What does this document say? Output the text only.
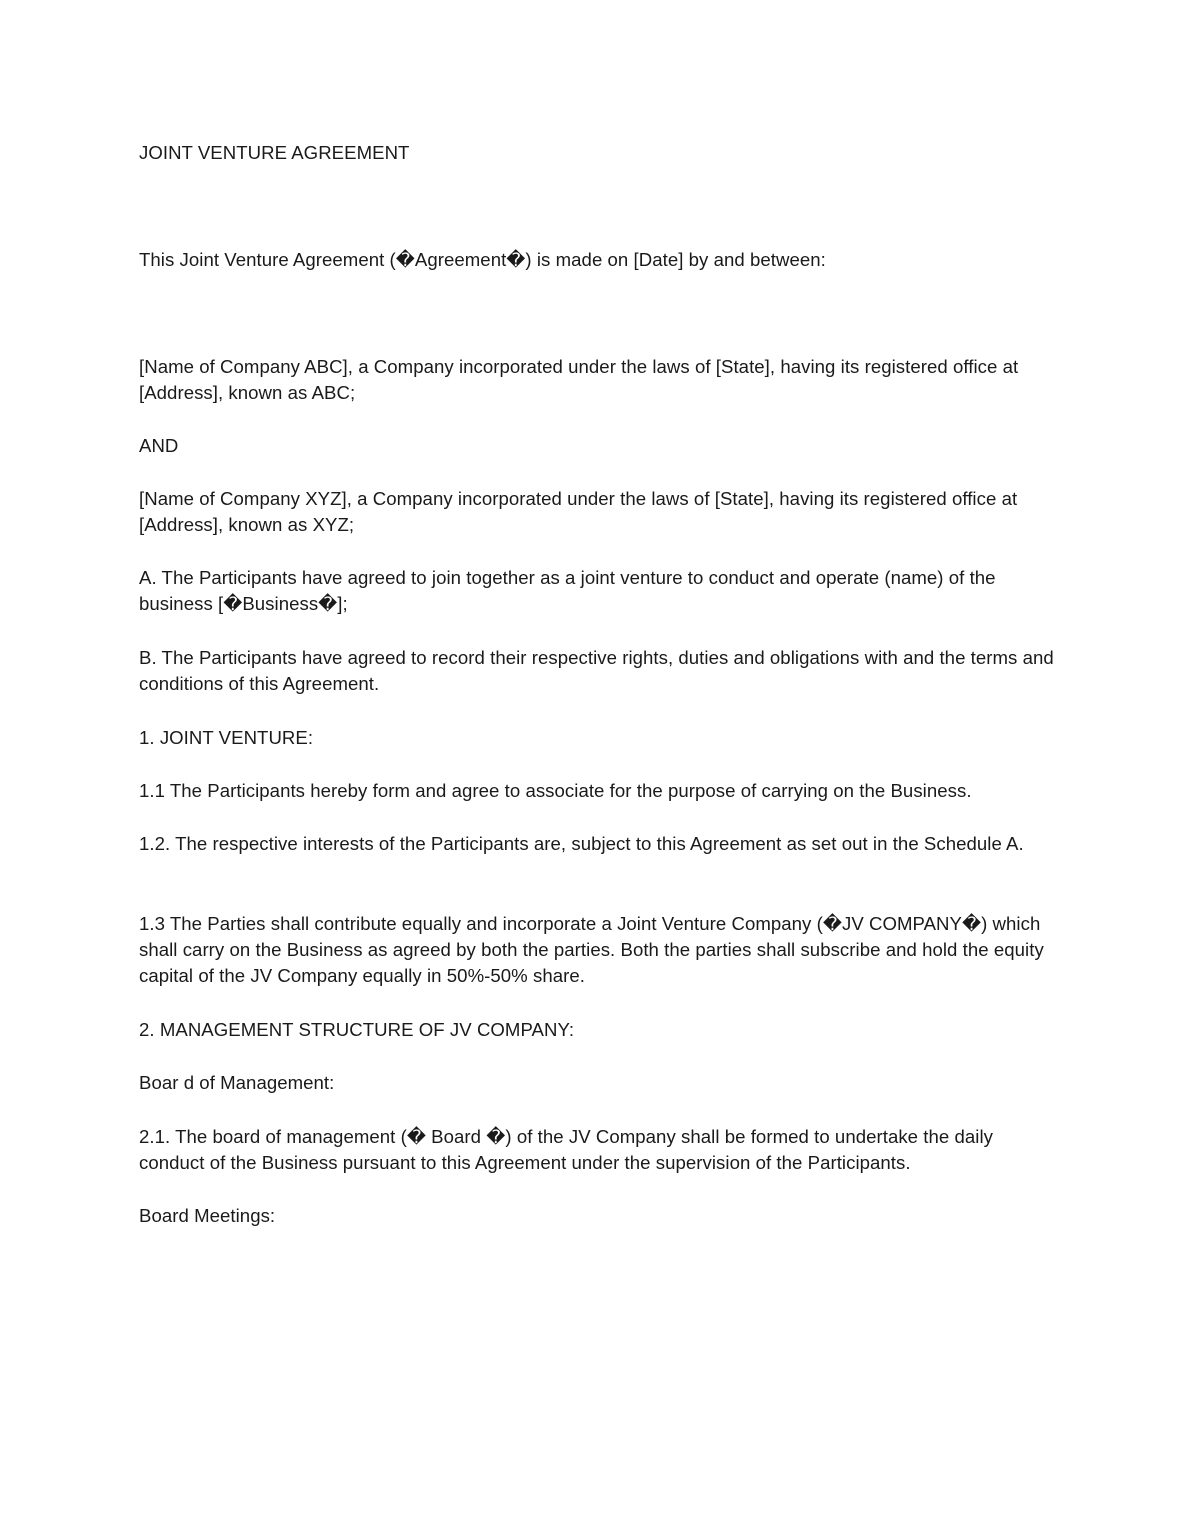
JOINT VENTURE AGREEMENT
This Joint Venture Agreement (�Agreement�) is made on [Date] by and between:
[Name of Company ABC], a Company incorporated under the laws of [State], having its registered office at [Address], known as ABC;
AND
[Name of Company XYZ], a Company incorporated under the laws of [State], having its registered office at [Address], known as XYZ;
A. The Participants have agreed to join together as a joint venture to conduct and operate (name) of the business [�Business�];
B. The Participants have agreed to record their respective rights, duties and obligations with and the terms and conditions of this Agreement.
1. JOINT VENTURE:
1.1 The Participants hereby form and agree to associate for the purpose of carrying on the Business.
1.2. The respective interests of the Participants are, subject to this Agreement as set out in the Schedule A.
1.3 The Parties shall contribute equally and incorporate a Joint Venture Company (�JV COMPANY�) which shall carry on the Business as agreed by both the parties. Both the parties shall subscribe and hold the equity capital of the JV Company equally in 50%-50% share.
2. MANAGEMENT STRUCTURE OF JV COMPANY:
Boar d of Management:
2.1. The board of management (� Board �) of the JV Company shall be formed to undertake the daily conduct of the Business pursuant to this Agreement under the supervision of the Participants.
Board Meetings:
